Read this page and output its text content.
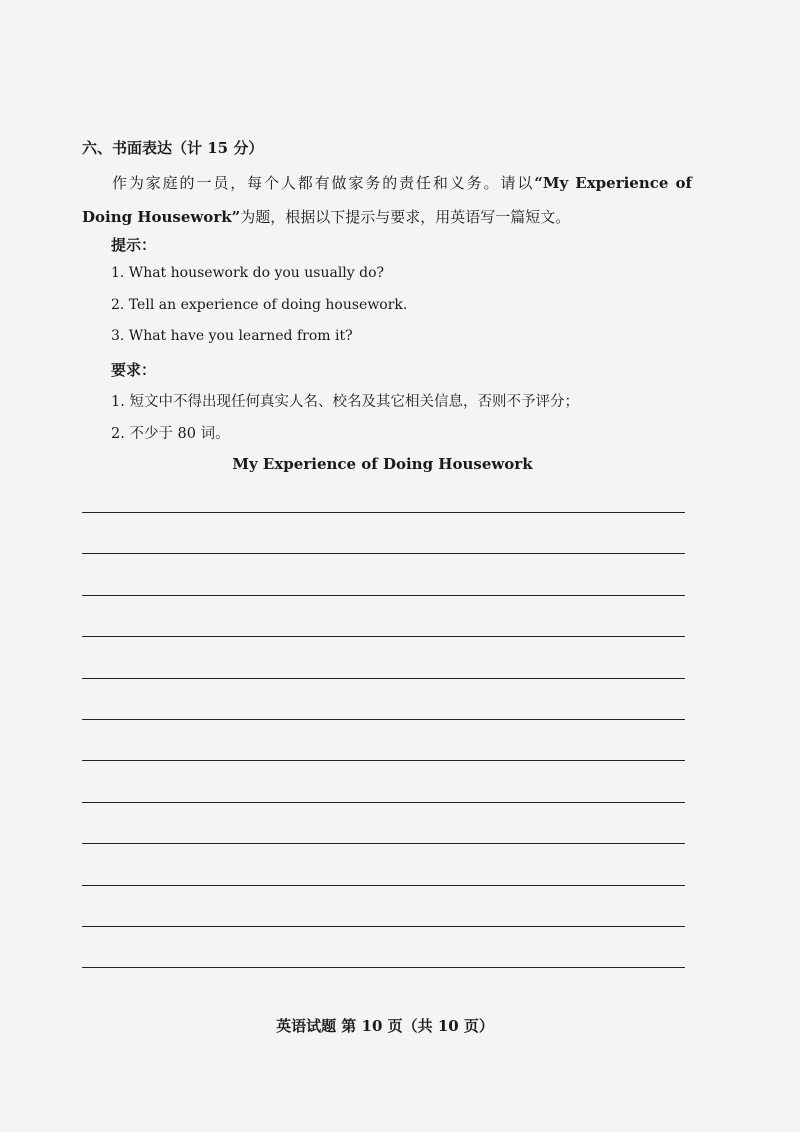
六、书面表达（计 15 分）
作为家庭的一员，每个人都有做家务的责任和义务。请以“My Experience of Doing Housework”为题，根据以下提示与要求，用英语写一篇短文。
提示：
1. What housework do you usually do?
2. Tell an experience of doing housework.
3. What have you learned from it?
要求：
1. 短文中不得出现任何真实人名、校名及其它相关信息，否则不予评分；
2. 不少于 80 词。
My Experience of Doing Housework
英语试题 第 10 页（共 10 页）
